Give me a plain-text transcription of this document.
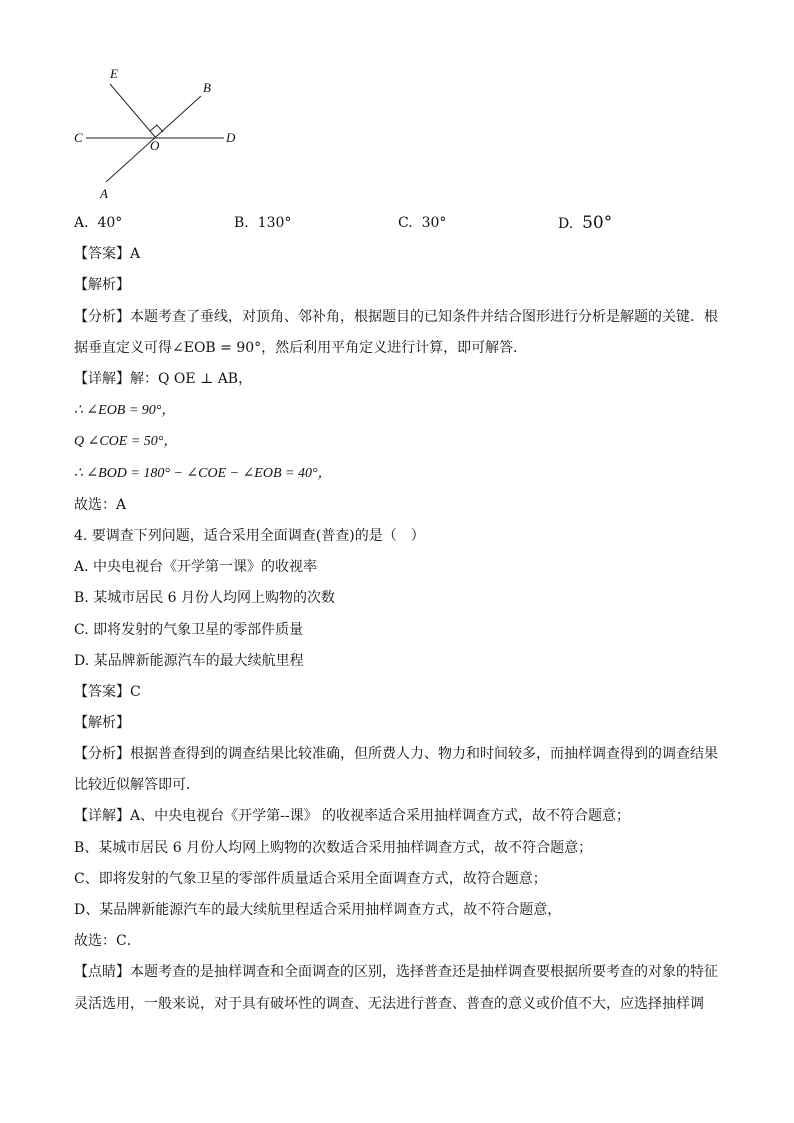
E
B
C
O
D
A
A. 40°	B. 130°	C. 30°	D. 50°
【答案】A
【解析】
【分析】本题考查了垂线，对顶角、邻补角，根据题目的已知条件并结合图形进行分析是解题的关键．根
据垂直定义可得∠EOB = 90°，然后利用平角定义进行计算，即可解答．
【详解】解：Q OE ⊥ AB，
∴ ∠EOB = 90°，
Q ∠COE = 50°，
∴ ∠BOD = 180° − ∠COE − ∠EOB = 40°，
故选：A
4. 要调查下列问题，适合采用全面调查(普查)的是（　）
A. 中央电视台《开学第一课》的收视率
B. 某城市居民 6 月份人均网上购物的次数
C. 即将发射的气象卫星的零部件质量
D. 某品牌新能源汽车的最大续航里程
【答案】C
【解析】
【分析】根据普查得到的调查结果比较准确，但所费人力、物力和时间较多，而抽样调查得到的调查结果
比较近似解答即可．
【详解】A、中央电视台《开学第--课》 的收视率适合采用抽样调查方式，故不符合题意；
B、某城市居民 6 月份人均网上购物的次数适合采用抽样调查方式，故不符合题意；
C、即将发射的气象卫星的零部件质量适合采用全面调查方式，故符合题意；
D、某品牌新能源汽车的最大续航里程适合采用抽样调查方式，故不符合题意，
故选：C．
【点睛】本题考查的是抽样调查和全面调查的区别，选择普查还是抽样调查要根据所要考查的对象的特征
灵活选用，一般来说，对于具有破坏性的调查、无法进行普查、普查的意义或价值不大，应选择抽样调
